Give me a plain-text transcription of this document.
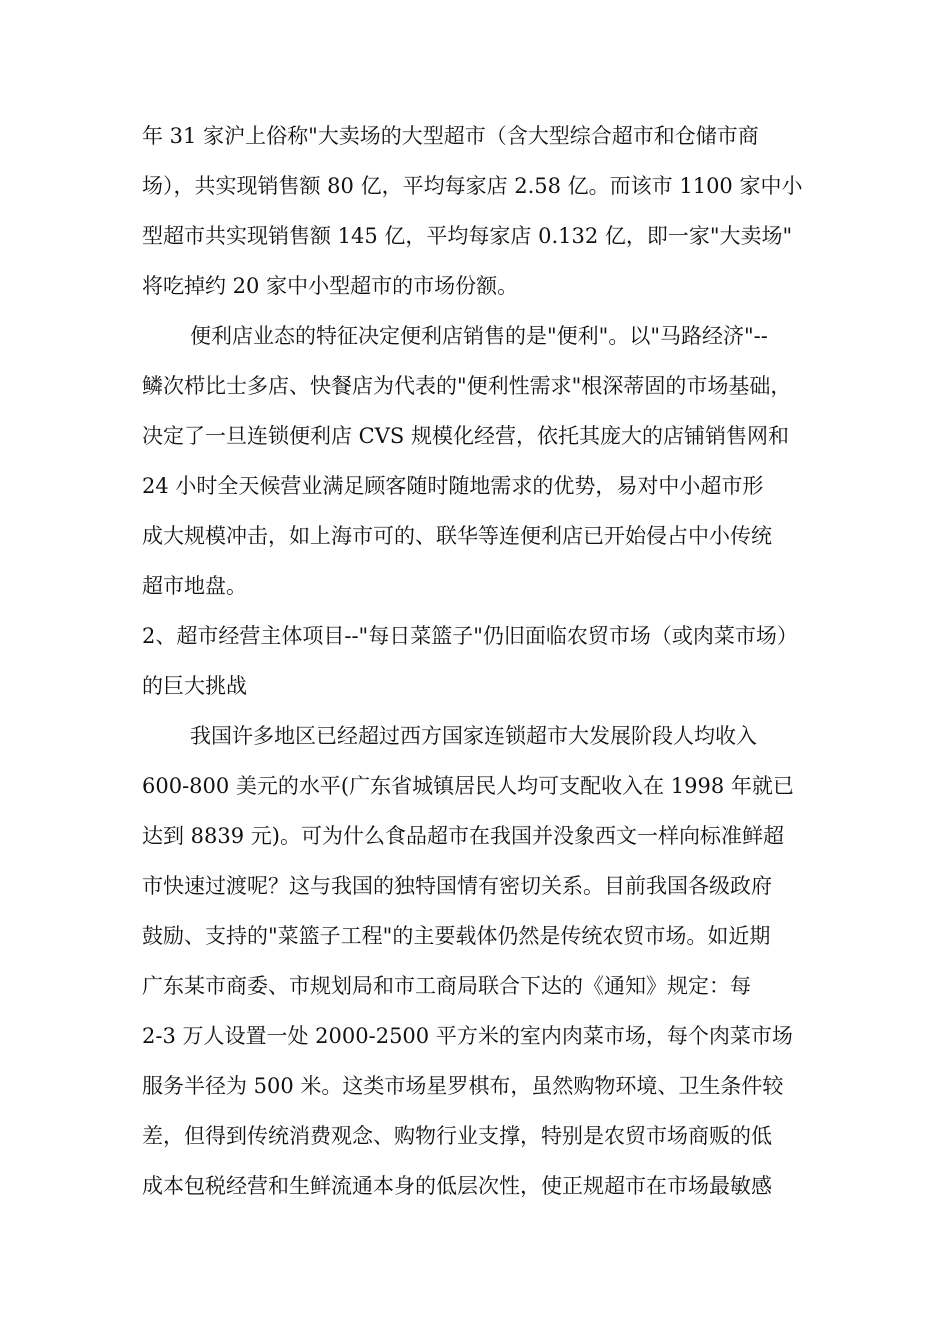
年 31 家沪上俗称"大卖场的大型超市（含大型综合超市和仓储市商

场），共实现销售额 80 亿，平均每家店 2.58 亿。而该市 1100 家中小

型超市共实现销售额 145 亿，平均每家店 0.132 亿，即一家"大卖场"

将吃掉约 20 家中小型超市的市场份额。

便利店业态的特征决定便利店销售的是"便利"。以"马路经济"--

鳞次栉比士多店、快餐店为代表的"便利性需求"根深蒂固的市场基础，

决定了一旦连锁便利店 CVS 规模化经营，依托其庞大的店铺销售网和

24 小时全天候营业满足顾客随时随地需求的优势，易对中小超市形

成大规模冲击，如上海市可的、联华等连便利店已开始侵占中小传统

超市地盘。

2、超市经营主体项目--"每日菜篮子"仍旧面临农贸市场（或肉菜市场）

的巨大挑战

我国许多地区已经超过西方国家连锁超市大发展阶段人均收入

600-800 美元的水平(广东省城镇居民人均可支配收入在 1998 年就已

达到 8839 元)。可为什么食品超市在我国并没象西文一样向标准鲜超

市快速过渡呢？这与我国的独特国情有密切关系。目前我国各级政府

鼓励、支持的"菜篮子工程"的主要载体仍然是传统农贸市场。如近期

广东某市商委、市规划局和市工商局联合下达的《通知》规定：每

2-3 万人设置一处 2000-2500 平方米的室内肉菜市场，每个肉菜市场

服务半径为 500 米。这类市场星罗棋布，虽然购物环境、卫生条件较

差，但得到传统消费观念、购物行业支撑，特别是农贸市场商贩的低

成本包税经营和生鲜流通本身的低层次性，使正规超市在市场最敏感
